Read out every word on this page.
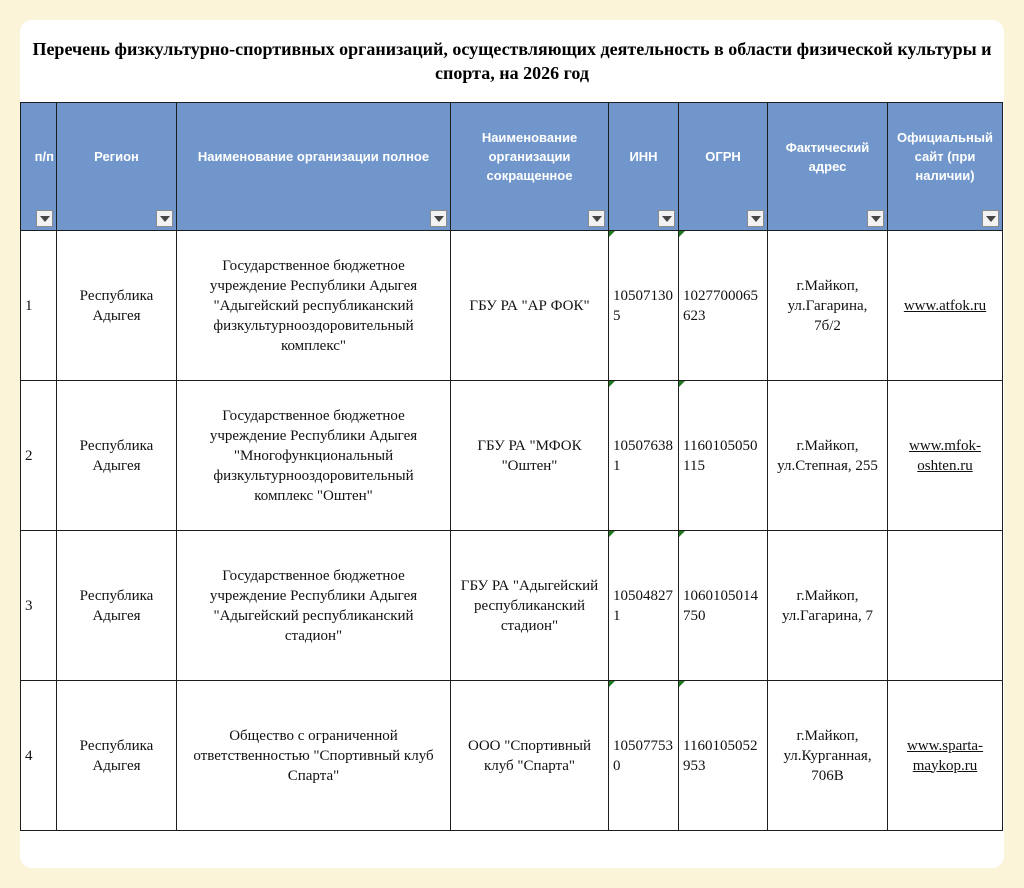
Перечень физкультурно-спортивных организаций, осуществляющих деятельность в области физической культуры и спорта, на 2026 год
п/п	Регион	Наименование организации полное	Наименование организации сокращенное	ИНН	ОГРН	Фактический адрес	Официальный сайт (при наличии)

1	Республика Адыгея	Государственное бюджетное учреждение Республики Адыгея "Адыгейский республиканский физкультурнооздоровительный комплекс"	ГБУ РА "АР ФОК"	105071305	1027700065623	г.Майкоп, ул.Гагарина, 7б/2	www.atfok.ru
2	Республика Адыгея	Государственное бюджетное учреждение Республики Адыгея "Многофункциональный физкультурнооздоровительный комплекс "Оштен"	ГБУ РА "МФОК "Оштен"	105076381	1160105050115	г.Майкоп, ул.Степная, 255	www.mfok-oshten.ru
3	Республика Адыгея	Государственное бюджетное учреждение Республики Адыгея "Адыгейский республиканский стадион"	ГБУ РА "Адыгейский республиканский стадион"	105048271	1060105014750	г.Майкоп, ул.Гагарина, 7	
4	Республика Адыгея	Общество с ограниченной ответственностью "Спортивный клуб Спарта"	ООО "Спортивный клуб "Спарта"	105077530	1160105052953	г.Майкоп, ул.Курганная, 706В	www.sparta-maykop.ru
